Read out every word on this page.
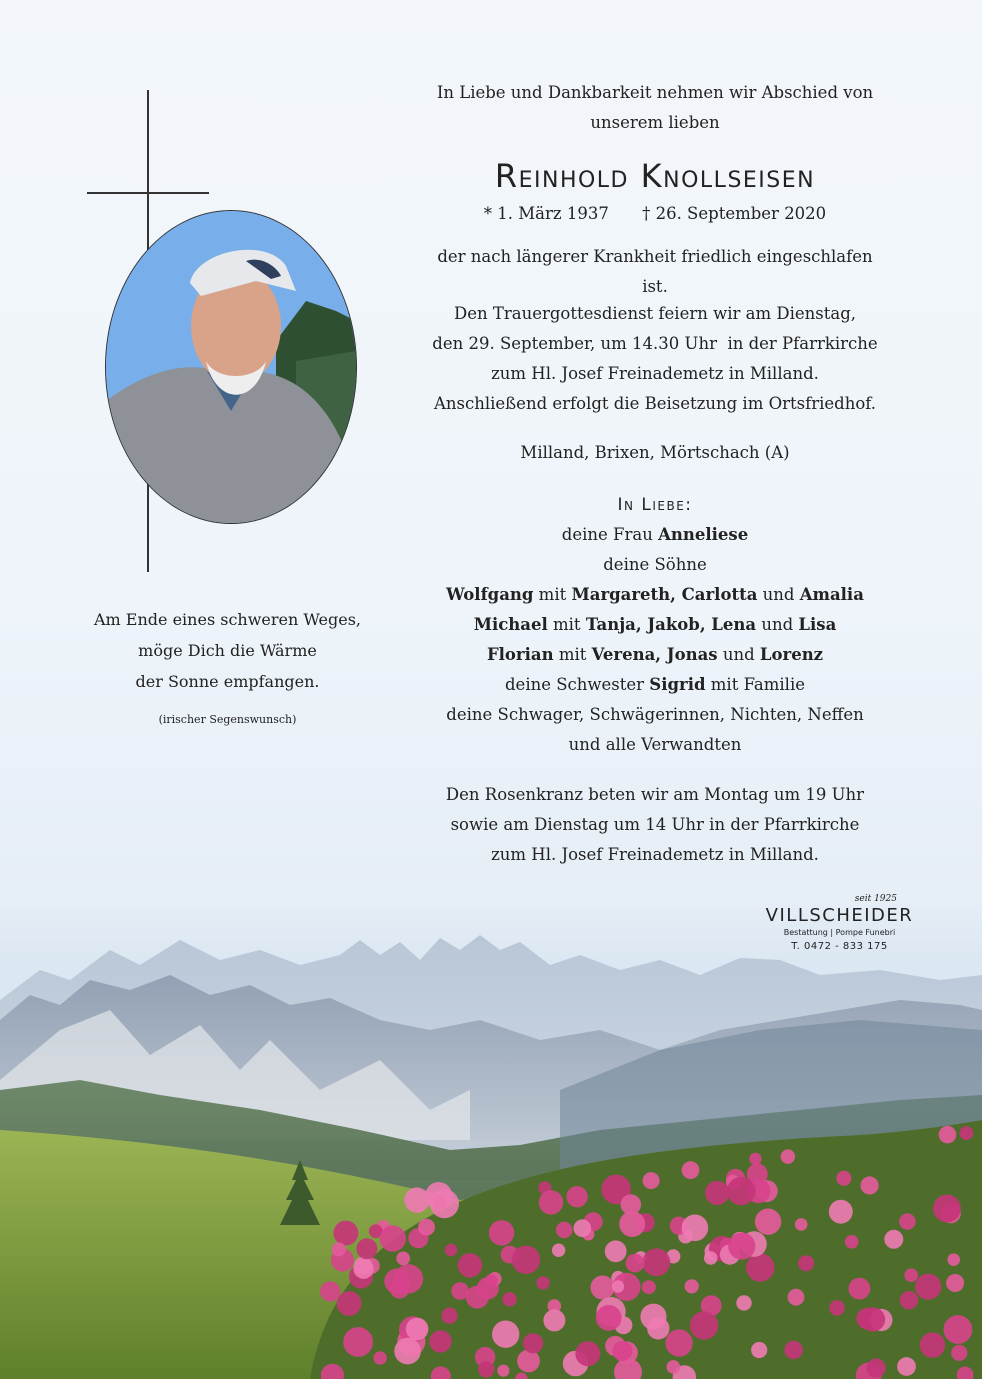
In Liebe und Dankbarkeit nehmen wir Abschied von
unserem lieben
Reinhold Knollseisen
* 1. März 1937 † 26. September 2020
der nach längerer Krankheit friedlich eingeschlafen ist.
Den Trauergottesdienst feiern wir am Dienstag,
den 29. September, um 14.30 Uhr  in der Pfarrkirche
zum Hl. Josef Freinademetz in Milland.
Anschließend erfolgt die Beisetzung im Ortsfriedhof.
Milland, Brixen, Mörtschach (A)
In Liebe:
deine Frau Anneliese
deine Söhne
Wolfgang mit Margareth, Carlotta und Amalia
Michael mit Tanja, Jakob, Lena und Lisa
Florian mit Verena, Jonas und Lorenz
deine Schwester Sigrid mit Familie
deine Schwager, Schwägerinnen, Nichten, Neffen
und alle Verwandten
Den Rosenkranz beten wir am Montag um 19 Uhr
sowie am Dienstag um 14 Uhr in der Pfarrkirche
zum Hl. Josef Freinademetz in Milland.
Am Ende eines schweren Weges,
möge Dich die Wärme
der Sonne empfangen.
(irischer Segenswunsch)
seit 1925
VILLSCHEIDER
Bestattung | Pompe Funebri
T. 0472 - 833 175
